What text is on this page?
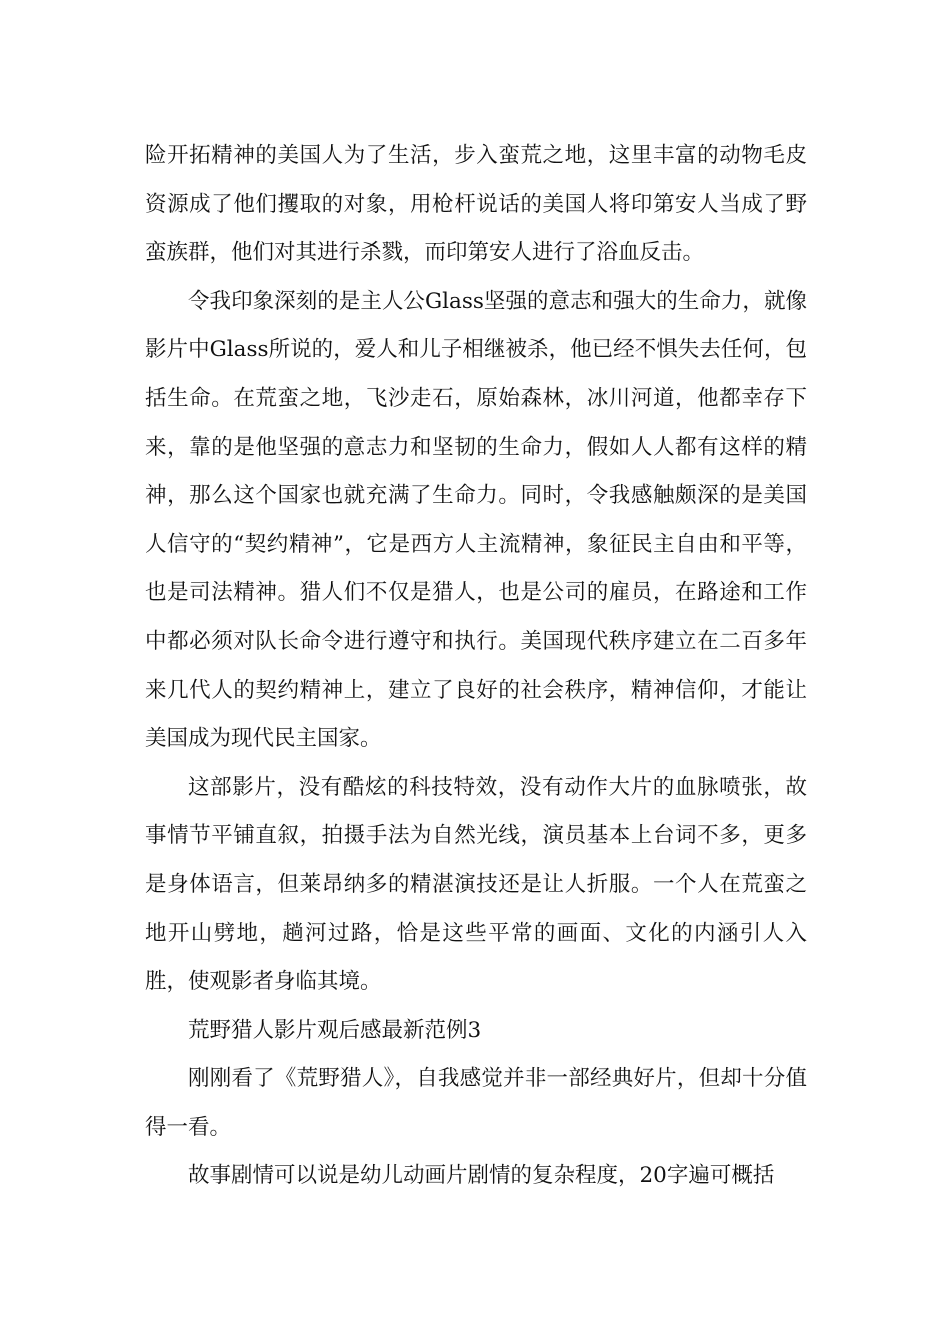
险开拓精神的美国人为了生活，步入蛮荒之地，这里丰富的动物毛皮资源成了他们攫取的对象，用枪杆说话的美国人将印第安人当成了野蛮族群，他们对其进行杀戮，而印第安人进行了浴血反击。

令我印象深刻的是主人公Glass坚强的意志和强大的生命力，就像影片中Glass所说的，爱人和儿子相继被杀，他已经不惧失去任何，包括生命。在荒蛮之地，飞沙走石，原始森林，冰川河道，他都幸存下来，靠的是他坚强的意志力和坚韧的生命力，假如人人都有这样的精神，那么这个国家也就充满了生命力。同时，令我感触颇深的是美国人信守的“契约精神”，它是西方人主流精神，象征民主自由和平等，也是司法精神。猎人们不仅是猎人，也是公司的雇员，在路途和工作中都必须对队长命令进行遵守和执行。美国现代秩序建立在二百多年来几代人的契约精神上，建立了良好的社会秩序，精神信仰，才能让美国成为现代民主国家。

这部影片，没有酷炫的科技特效，没有动作大片的血脉喷张，故事情节平铺直叙，拍摄手法为自然光线，演员基本上台词不多，更多是身体语言，但莱昂纳多的精湛演技还是让人折服。一个人在荒蛮之地开山劈地，趟河过路，恰是这些平常的画面、文化的内涵引人入胜，使观影者身临其境。

荒野猎人影片观后感最新范例3

刚刚看了《荒野猎人》，自我感觉并非一部经典好片，但却十分值得一看。

故事剧情可以说是幼儿动画片剧情的复杂程度，20字遍可概括
